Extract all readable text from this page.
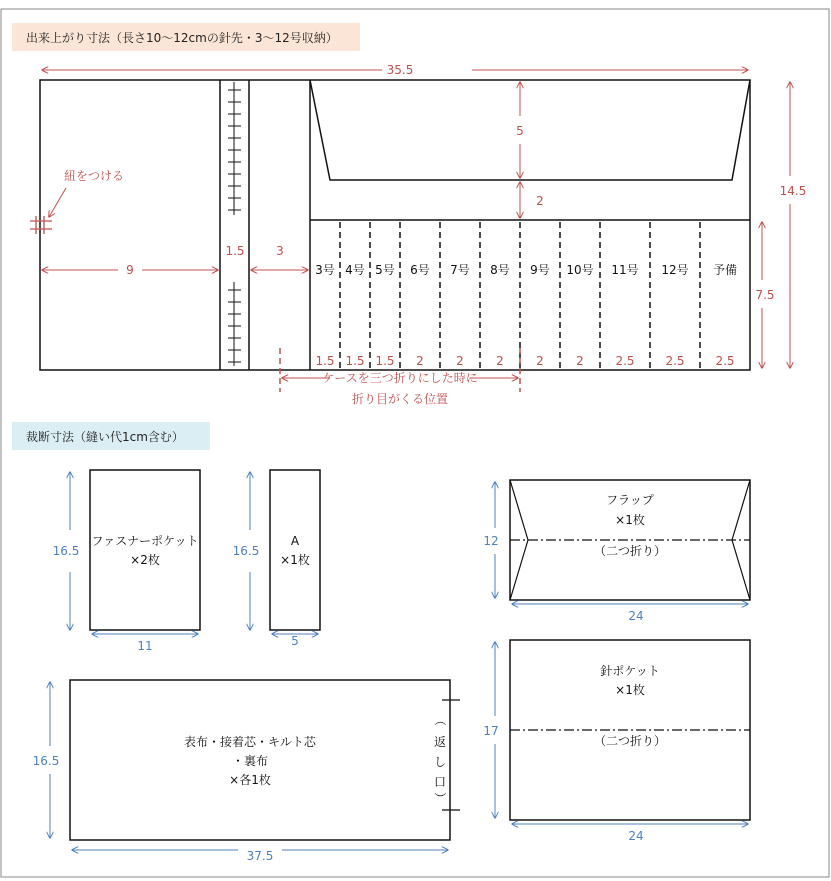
出来上がり寸法（長さ10～12cmの針先・3～12号収納）
35.5
3号 4号 5号 6号 7号 8号 9号 10号 11号 12号 予備
1.5 1.5 1.5 2	2	2	2	2	2.5	2.5	2.5
5
2
14.5
7.5
紐をつける
9
1.5	3
ケースを三つ折りにした時に
折り目がくる位置
裁断寸法（縫い代1cm含む）
ファスナーポケット
×2枚
16.5
11
A
×1枚
16.5
5
フラップ
×1枚
（二つ折り）
12
24
針ポケット
×1枚
（二つ折り）
17
24
表布・接着芯・キルト芯
・裏布
×各1枚
（
返
し
口
）
16.5
37.5
